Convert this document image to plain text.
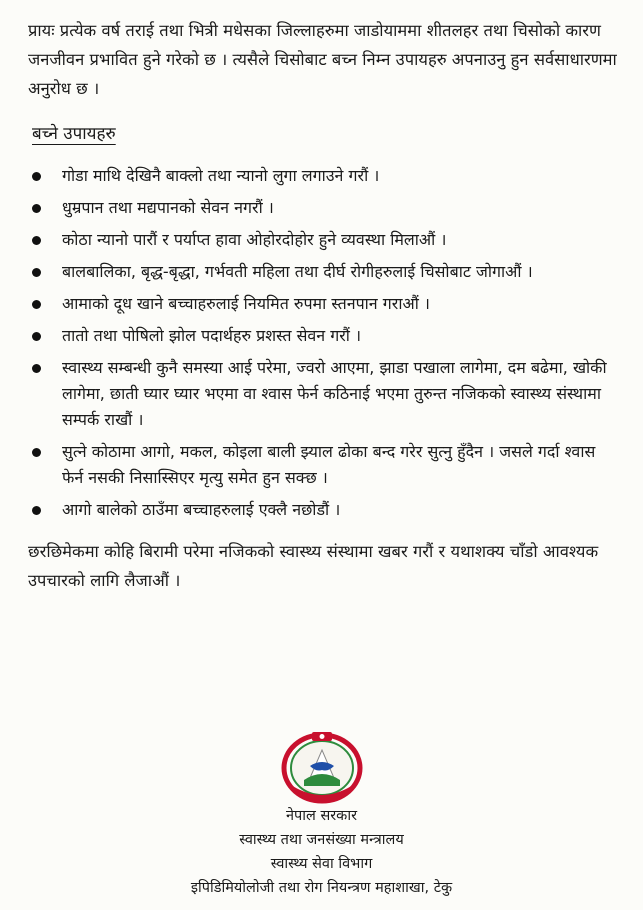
प्रायः प्रत्येक वर्ष तराई तथा भित्री मधेसका जिल्लाहरुमा जाडोयाममा शीतलहर तथा चिसोको कारण जनजीवन प्रभावित हुने गरेको छ । त्यसैले चिसोबाट बच्न निम्न उपायहरु अपनाउनु हुन सर्वसाधारणमा अनुरोध छ ।

बच्ने उपायहरु
गोडा माथि देखिनै बाक्लो तथा न्यानो लुगा लगाउने गरौं ।
धुम्रपान तथा मद्यपानको सेवन नगरौं ।
कोठा न्यानो पारौं र पर्याप्त हावा ओहोरदोहोर हुने व्यवस्था मिलाऔं ।
बालबालिका, बृद्ध-बृद्धा, गर्भवती महिला तथा दीर्घ रोगीहरुलाई चिसोबाट जोगाऔं ।
आमाको दूध खाने बच्चाहरुलाई नियमित रुपमा स्तनपान गराऔं ।
तातो तथा पोषिलो झोल पदार्थहरु प्रशस्त सेवन गरौं ।
स्वास्थ्य सम्बन्धी कुनै समस्या आई परेमा, ज्वरो आएमा, झाडा पखाला लागेमा, दम बढेमा, खोकी लागेमा, छाती घ्यार घ्यार भएमा वा श्वास फेर्न कठिनाई भएमा तुरुन्त नजिकको स्वास्थ्य संस्थामा सम्पर्क राखौं ।
सुत्ने कोठामा आगो, मकल, कोइला बाली झ्याल ढोका बन्द गरेर सुत्नु हुँदैन । जसले गर्दा श्वास फेर्न नसकी निसास्सिएर मृत्यु समेत हुन सक्छ ।
आगो बालेको ठाउँमा बच्चाहरुलाई एक्लै नछोडौं ।

छरछिमेकमा कोहि बिरामी परेमा नजिकको स्वास्थ्य संस्थामा खबर गरौं र यथाशक्य चाँडो आवश्यक उपचारको लागि लैजाऔं ।

नेपाल सरकार
स्वास्थ्य तथा जनसंख्या मन्त्रालय
स्वास्थ्य सेवा विभाग
इपिडिमियोलोजी तथा रोग नियन्त्रण महाशाखा, टेकु
